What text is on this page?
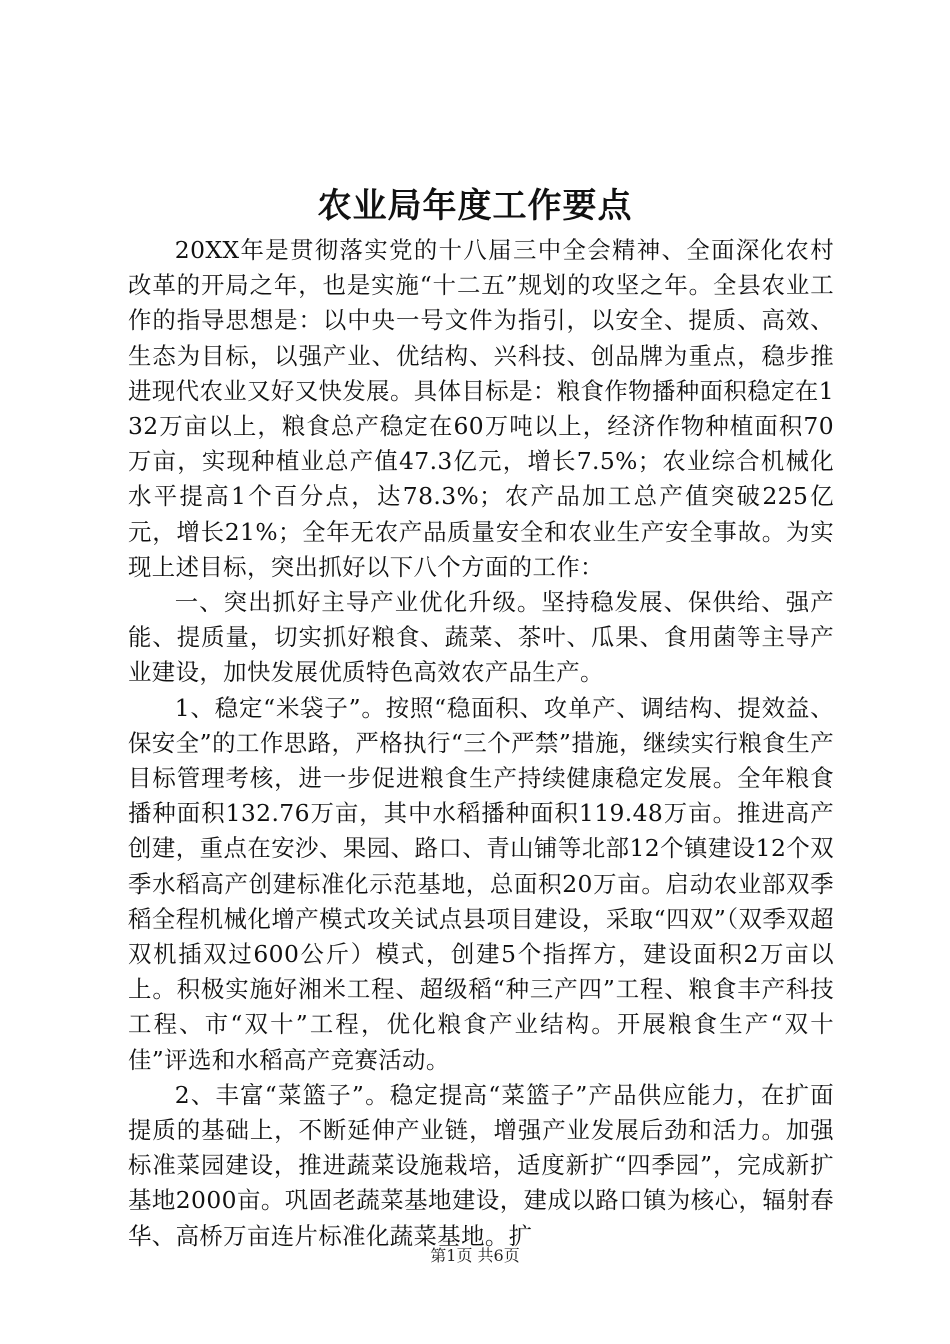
农业局年度工作要点

20XX年是贯彻落实党的十八届三中全会精神、全面深化农村改革的开局之年，也是实施“十二五”规划的攻坚之年。全县农业工作的指导思想是：以中央一号文件为指引，以安全、提质、高效、生态为目标，以强产业、优结构、兴科技、创品牌为重点，稳步推进现代农业又好又快发展。具体目标是：粮食作物播种面积稳定在132万亩以上，粮食总产稳定在60万吨以上，经济作物种植面积70万亩，实现种植业总产值47.3亿元，增长7.5%；农业综合机械化水平提高1个百分点，达78.3%；农产品加工总产值突破225亿元，增长21%；全年无农产品质量安全和农业生产安全事故。为实现上述目标，突出抓好以下八个方面的工作：

一、突出抓好主导产业优化升级。坚持稳发展、保供给、强产能、提质量，切实抓好粮食、蔬菜、茶叶、瓜果、食用菌等主导产业建设，加快发展优质特色高效农产品生产。

1、稳定“米袋子”。按照“稳面积、攻单产、调结构、提效益、保安全”的工作思路，严格执行“三个严禁”措施，继续实行粮食生产目标管理考核，进一步促进粮食生产持续健康稳定发展。全年粮食播种面积132.76万亩，其中水稻播种面积119.48万亩。推进高产创建，重点在安沙、果园、路口、青山铺等北部12个镇建设12个双季水稻高产创建标准化示范基地，总面积20万亩。启动农业部双季稻全程机械化增产模式攻关试点县项目建设，采取“四双”（双季双超双机插双过600公斤）模式，创建5个指挥方，建设面积2万亩以上。积极实施好湘米工程、超级稻“种三产四”工程、粮食丰产科技工程、市“双十”工程，优化粮食产业结构。开展粮食生产“双十佳”评选和水稻高产竞赛活动。

2、丰富“菜篮子”。稳定提高“菜篮子”产品供应能力，在扩面提质的基础上，不断延伸产业链，增强产业发展后劲和活力。加强标准菜园建设，推进蔬菜设施栽培，适度新扩“四季园”，完成新扩基地2000亩。巩固老蔬菜基地建设，建成以路口镇为核心，辐射春华、高桥万亩连片标准化蔬菜基地。扩

第1页 共6页
